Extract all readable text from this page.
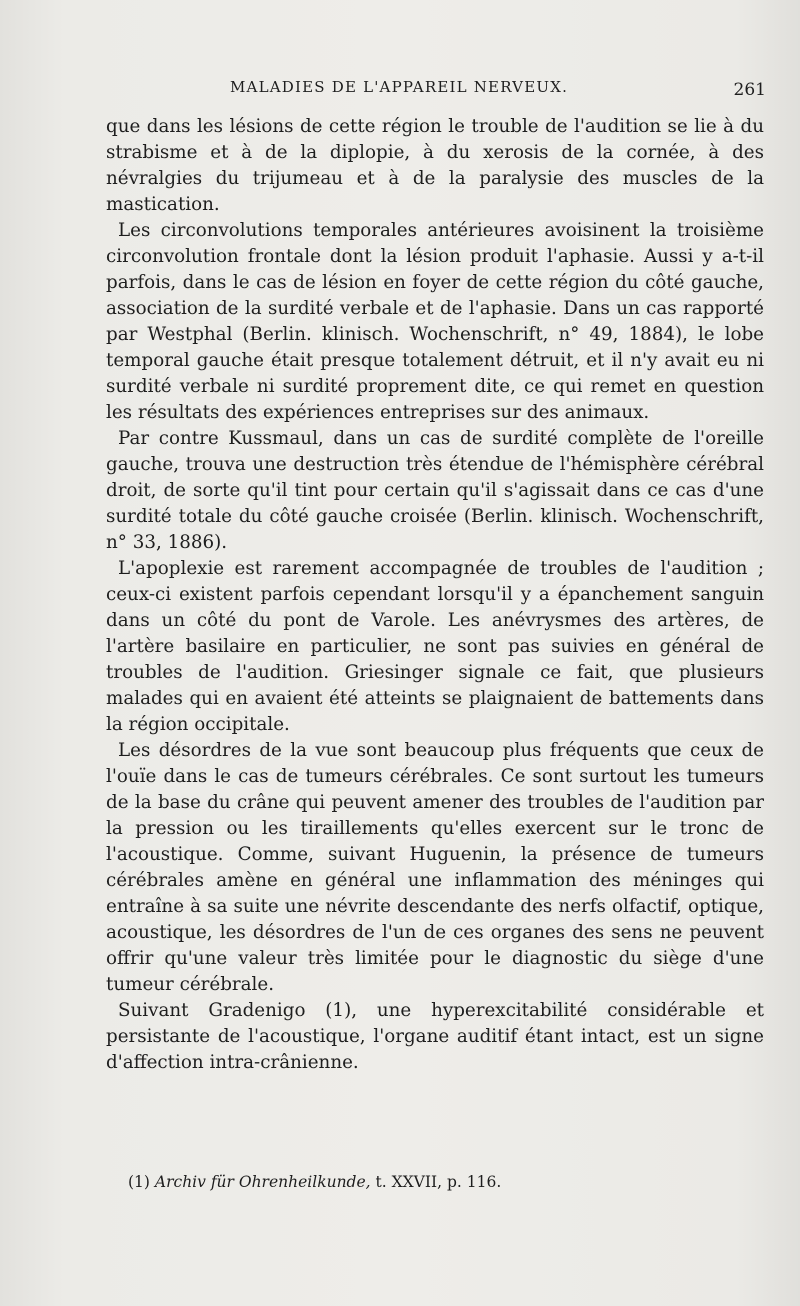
MALADIES DE L'APPAREIL NERVEUX.	261

que dans les lésions de cette région le trouble de l'audition se lie à du strabisme et à de la diplopie, à du xerosis de la cornée, à des névralgies du trijumeau et à de la paralysie des muscles de la mastication.

Les circonvolutions temporales antérieures avoisinent la troisième circonvolution frontale dont la lésion produit l'aphasie. Aussi y a-t-il parfois, dans le cas de lésion en foyer de cette région du côté gauche, association de la surdité verbale et de l'aphasie. Dans un cas rapporté par Westphal (Berlin. klinisch. Wochenschrift, n° 49, 1884), le lobe temporal gauche était presque totalement détruit, et il n'y avait eu ni surdité verbale ni surdité proprement dite, ce qui remet en question les résultats des expériences entreprises sur des animaux.

Par contre Kussmaul, dans un cas de surdité complète de l'oreille gauche, trouva une destruction très étendue de l'hémisphère cérébral droit, de sorte qu'il tint pour certain qu'il s'agissait dans ce cas d'une surdité totale du côté gauche croisée (Berlin. klinisch. Wochenschrift, n° 33, 1886).

L'apoplexie est rarement accompagnée de troubles de l'audition ; ceux-ci existent parfois cependant lorsqu'il y a épanchement sanguin dans un côté du pont de Varole. Les anévrysmes des artères, de l'artère basilaire en particulier, ne sont pas suivies en général de troubles de l'audition. Griesinger signale ce fait, que plusieurs malades qui en avaient été atteints se plaignaient de battements dans la région occipitale.

Les désordres de la vue sont beaucoup plus fréquents que ceux de l'ouïe dans le cas de tumeurs cérébrales. Ce sont surtout les tumeurs de la base du crâne qui peuvent amener des troubles de l'audition par la pression ou les tiraillements qu'elles exercent sur le tronc de l'acoustique. Comme, suivant Huguenin, la présence de tumeurs cérébrales amène en général une inflammation des méninges qui entraîne à sa suite une névrite descendante des nerfs olfactif, optique, acoustique, les désordres de l'un de ces organes des sens ne peuvent offrir qu'une valeur très limitée pour le diagnostic du siège d'une tumeur cérébrale.

Suivant Gradenigo (1), une hyperexcitabilité considérable et persistante de l'acoustique, l'organe auditif étant intact, est un signe d'affection intra-crânienne.

(1) Archiv für Ohrenheilkunde, t. XXVII, p. 116.
